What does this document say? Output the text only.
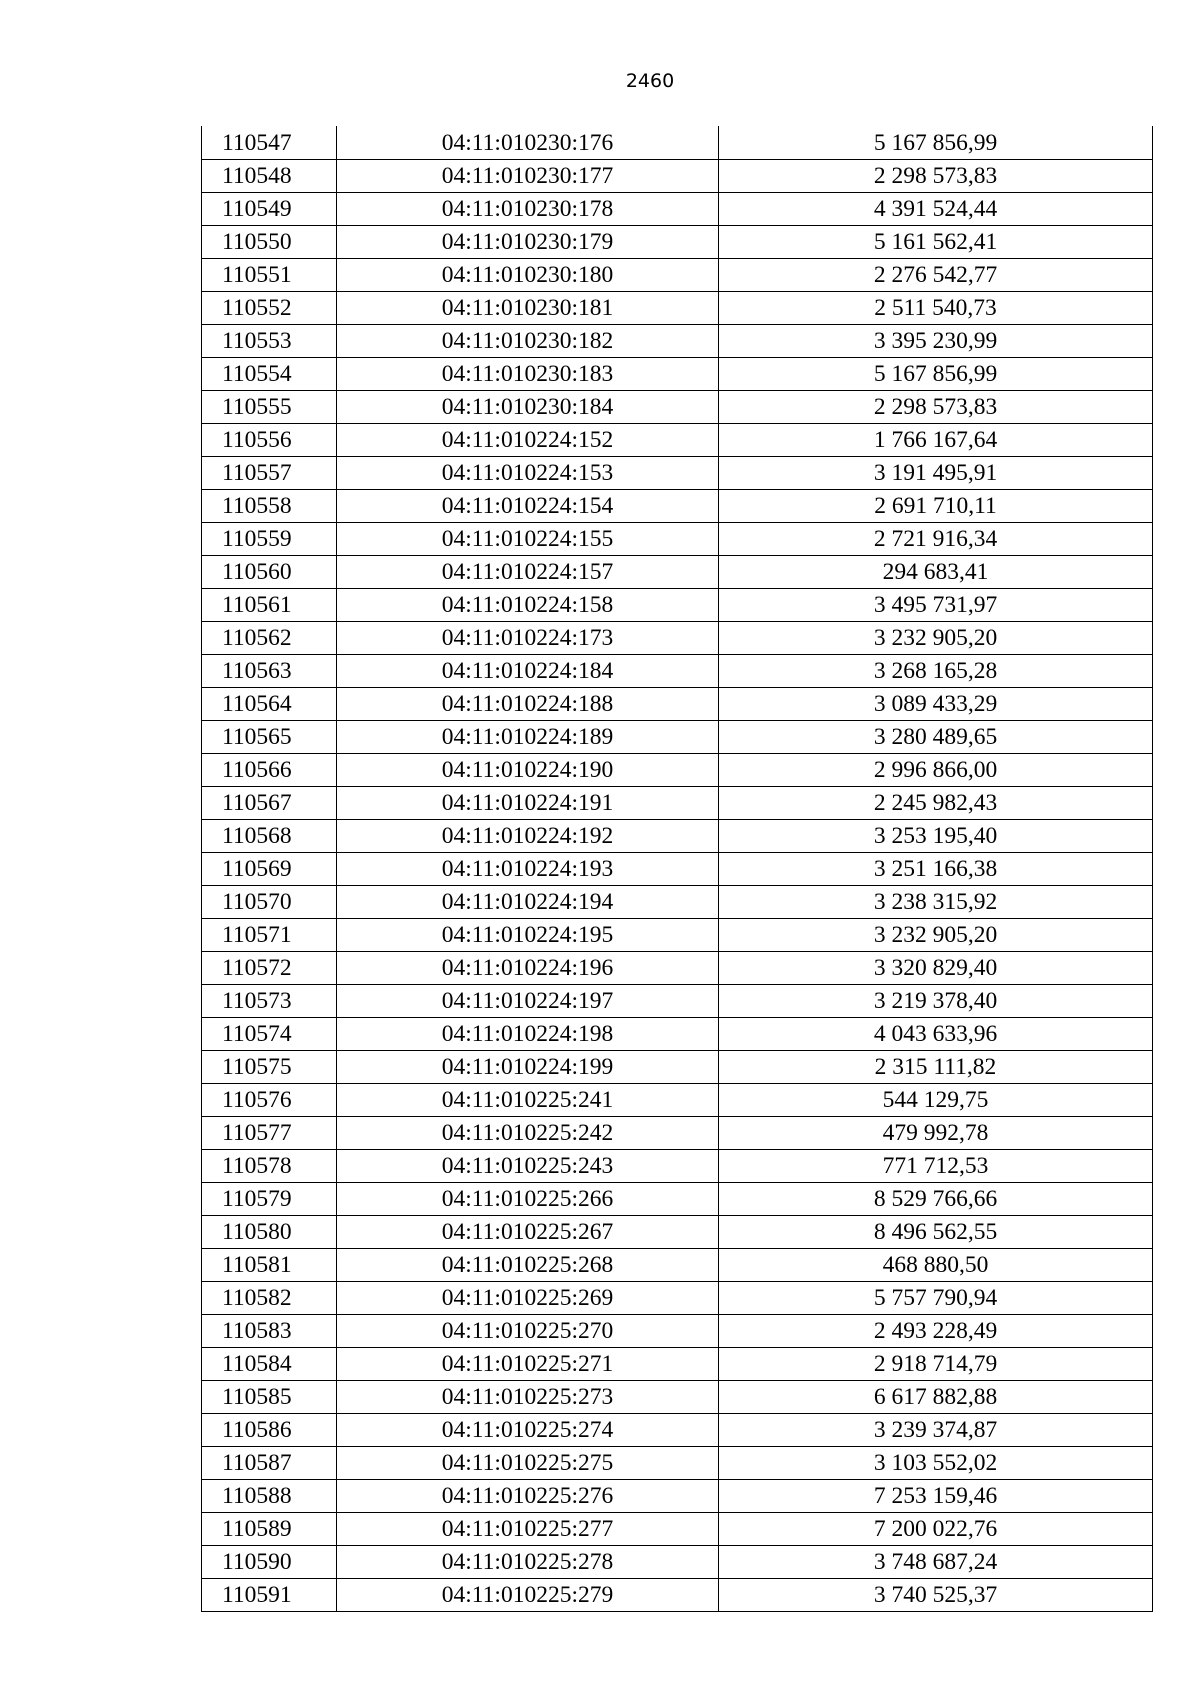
2460
110547	04:11:010230:176	5 167 856,99
110548	04:11:010230:177	2 298 573,83
110549	04:11:010230:178	4 391 524,44
110550	04:11:010230:179	5 161 562,41
110551	04:11:010230:180	2 276 542,77
110552	04:11:010230:181	2 511 540,73
110553	04:11:010230:182	3 395 230,99
110554	04:11:010230:183	5 167 856,99
110555	04:11:010230:184	2 298 573,83
110556	04:11:010224:152	1 766 167,64
110557	04:11:010224:153	3 191 495,91
110558	04:11:010224:154	2 691 710,11
110559	04:11:010224:155	2 721 916,34
110560	04:11:010224:157	294 683,41
110561	04:11:010224:158	3 495 731,97
110562	04:11:010224:173	3 232 905,20
110563	04:11:010224:184	3 268 165,28
110564	04:11:010224:188	3 089 433,29
110565	04:11:010224:189	3 280 489,65
110566	04:11:010224:190	2 996 866,00
110567	04:11:010224:191	2 245 982,43
110568	04:11:010224:192	3 253 195,40
110569	04:11:010224:193	3 251 166,38
110570	04:11:010224:194	3 238 315,92
110571	04:11:010224:195	3 232 905,20
110572	04:11:010224:196	3 320 829,40
110573	04:11:010224:197	3 219 378,40
110574	04:11:010224:198	4 043 633,96
110575	04:11:010224:199	2 315 111,82
110576	04:11:010225:241	544 129,75
110577	04:11:010225:242	479 992,78
110578	04:11:010225:243	771 712,53
110579	04:11:010225:266	8 529 766,66
110580	04:11:010225:267	8 496 562,55
110581	04:11:010225:268	468 880,50
110582	04:11:010225:269	5 757 790,94
110583	04:11:010225:270	2 493 228,49
110584	04:11:010225:271	2 918 714,79
110585	04:11:010225:273	6 617 882,88
110586	04:11:010225:274	3 239 374,87
110587	04:11:010225:275	3 103 552,02
110588	04:11:010225:276	7 253 159,46
110589	04:11:010225:277	7 200 022,76
110590	04:11:010225:278	3 748 687,24
110591	04:11:010225:279	3 740 525,37
